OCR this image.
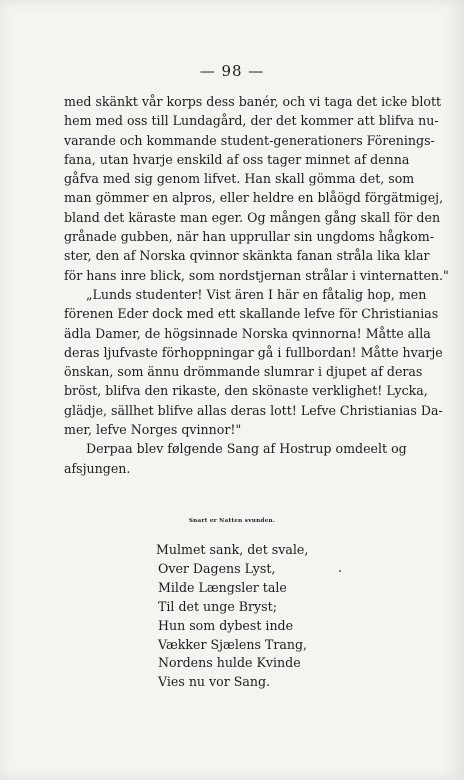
— 98 —
med skänkt vår korps dess banér, och vi taga det icke blott
hem med oss till Lundagård, der det kommer att blifva nu-
varande och kommande student-generationers Förenings-
fana, utan hvarje enskild af oss tager minnet af denna
gåfva med sig genom lifvet. Han skall gömma det, som
man gömmer en alpros, eller heldre en blåögd förgätmigej,
bland det käraste man eger. Og mången gång skall för den
grånade gubben, när han upprullar sin ungdoms hågkom-
ster, den af Norska qvinnor skänkta fanan stråla lika klar
för hans inre blick, som nordstjernan strålar i vinternatten."
„Lunds studenter! Vist ären I här en fåtalig hop, men
förenen Eder dock med ett skallande lefve för Christianias
ädla Damer, de högsinnade Norska qvinnorna! Måtte alla
deras ljufvaste förhoppningar gå i fullbordan! Måtte hvarje
önskan, som ännu drömmande slumrar i djupet af deras
bröst, blifva den rikaste, den skönaste verklighet! Lycka,
glädje, sällhet blifve allas deras lott! Lefve Christianias Da-
mer, lefve Norges qvinnor!"
Derpaa blev følgende Sang af Hostrup omdeelt og
afsjungen.
Snart er Natten svunden.
Mulmet sank, det svale,
Over Dagens Lyst,
Milde Længsler tale
Til det unge Bryst;
Hun som dybest inde
Vækker Sjælens Trang,
Nordens hulde Kvinde
Vies nu vor Sang.
